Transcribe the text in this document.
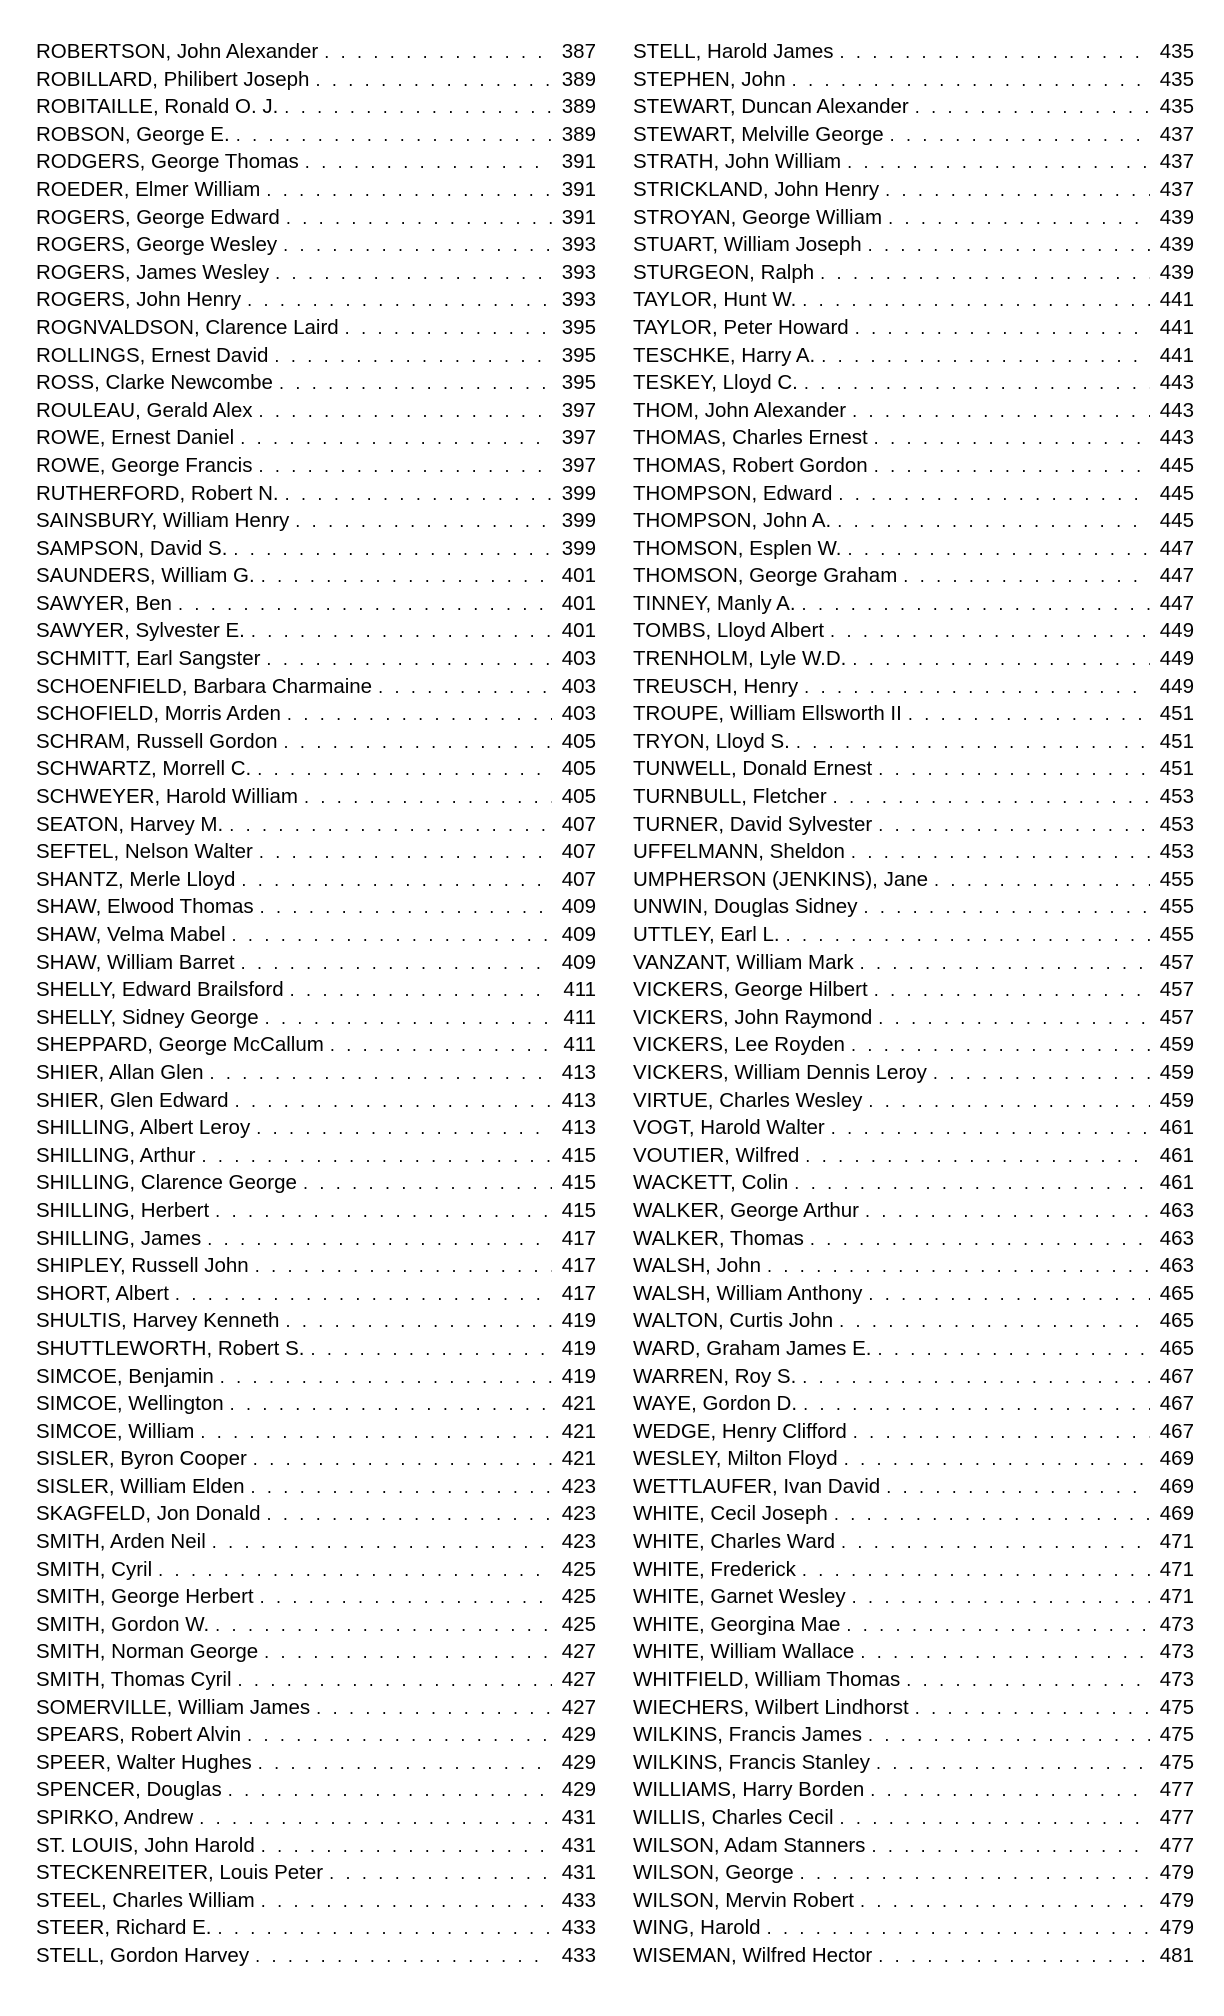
ROBERTSON, John Alexander . . .	387
ROBILLARD, Philibert Joseph . . .	389
ROBITAILLE, Ronald O. J. . . .	389
ROBSON, George E. . . .	389
RODGERS, George Thomas . . .	391
ROEDER, Elmer William . . .	391
ROGERS, George Edward . . .	391
ROGERS, George Wesley . . .	393
ROGERS, James Wesley . . .	393
ROGERS, John Henry . . .	393
ROGNVALDSON, Clarence Laird . . .	395
ROLLINGS, Ernest David . . .	395
ROSS, Clarke Newcombe . . .	395
ROULEAU, Gerald Alex . . .	397
ROWE, Ernest Daniel . . .	397
ROWE, George Francis . . .	397
RUTHERFORD, Robert N. . . .	399
SAINSBURY, William Henry . . .	399
SAMPSON, David S. . . .	399
SAUNDERS, William G. . . .	401
SAWYER, Ben . . .	401
SAWYER, Sylvester E. . . .	401
SCHMITT, Earl Sangster . . .	403
SCHOENFIELD, Barbara Charmaine . . .	403
SCHOFIELD, Morris Arden . . .	403
SCHRAM, Russell Gordon . . .	405
SCHWARTZ, Morrell C. . . .	405
SCHWEYER, Harold William . . .	405
SEATON, Harvey M. . . .	407
SEFTEL, Nelson Walter . . .	407
SHANTZ, Merle Lloyd . . .	407
SHAW, Elwood Thomas . . .	409
SHAW, Velma Mabel . . .	409
SHAW, William Barret . . .	409
SHELLY, Edward Brailsford . . .	411
SHELLY, Sidney George . . .	411
SHEPPARD, George McCallum . . .	411
SHIER, Allan Glen . . .	413
SHIER, Glen Edward . . .	413
SHILLING, Albert Leroy . . .	413
SHILLING, Arthur . . .	415
SHILLING, Clarence George . . .	415
SHILLING, Herbert . . .	415
SHILLING, James . . .	417
SHIPLEY, Russell John . . .	417
SHORT, Albert . . .	417
SHULTIS, Harvey Kenneth . . .	419
SHUTTLEWORTH, Robert S. . . .	419
SIMCOE, Benjamin . . .	419
SIMCOE, Wellington . . .	421
SIMCOE, William . . .	421
SISLER, Byron Cooper . . .	421
SISLER, William Elden . . .	423
SKAGFELD, Jon Donald . . .	423
SMITH, Arden Neil . . .	423
SMITH, Cyril . . .	425
SMITH, George Herbert . . .	425
SMITH, Gordon W. . . .	425
SMITH, Norman George . . .	427
SMITH, Thomas Cyril . . .	427
SOMERVILLE, William James . . .	427
SPEARS, Robert Alvin . . .	429
SPEER, Walter Hughes . . .	429
SPENCER, Douglas . . .	429
SPIRKO, Andrew . . .	431
ST. LOUIS, John Harold . . .	431
STECKENREITER, Louis Peter . . .	431
STEEL, Charles William . . .	433
STEER, Richard E. . . .	433
STELL, Gordon Harvey . . .	433
STELL, Harold James . . .	435
STEPHEN, John . . .	435
STEWART, Duncan Alexander . . .	435
STEWART, Melville George . . .	437
STRATH, John William . . .	437
STRICKLAND, John Henry . . .	437
STROYAN, George William . . .	439
STUART, William Joseph . . .	439
STURGEON, Ralph . . .	439
TAYLOR, Hunt W. . . .	441
TAYLOR, Peter Howard . . .	441
TESCHKE, Harry A. . . .	441
TESKEY, Lloyd C. . . .	443
THOM, John Alexander . . .	443
THOMAS, Charles Ernest . . .	443
THOMAS, Robert Gordon . . .	445
THOMPSON, Edward . . .	445
THOMPSON, John A. . . .	445
THOMSON, Esplen W. . . .	447
THOMSON, George Graham . . .	447
TINNEY, Manly A. . . .	447
TOMBS, Lloyd Albert . . .	449
TRENHOLM, Lyle W.D. . . .	449
TREUSCH, Henry . . .	449
TROUPE, William Ellsworth II . . .	451
TRYON, Lloyd S. . . .	451
TUNWELL, Donald Ernest . . .	451
TURNBULL, Fletcher . . .	453
TURNER, David Sylvester . . .	453
UFFELMANN, Sheldon . . .	453
UMPHERSON (JENKINS), Jane . . .	455
UNWIN, Douglas Sidney . . .	455
UTTLEY, Earl L. . . .	455
VANZANT, William Mark . . .	457
VICKERS, George Hilbert . . .	457
VICKERS, John Raymond . . .	457
VICKERS, Lee Royden . . .	459
VICKERS, William Dennis Leroy . . .	459
VIRTUE, Charles Wesley . . .	459
VOGT, Harold Walter . . .	461
VOUTIER, Wilfred . . .	461
WACKETT, Colin . . .	461
WALKER, George Arthur . . .	463
WALKER, Thomas . . .	463
WALSH, John . . .	463
WALSH, William Anthony . . .	465
WALTON, Curtis John . . .	465
WARD, Graham James E. . . .	465
WARREN, Roy S. . . .	467
WAYE, Gordon D. . . .	467
WEDGE, Henry Clifford . . .	467
WESLEY, Milton Floyd . . .	469
WETTLAUFER, Ivan David . . .	469
WHITE, Cecil Joseph . . .	469
WHITE, Charles Ward . . .	471
WHITE, Frederick . . .	471
WHITE, Garnet Wesley . . .	471
WHITE, Georgina Mae . . .	473
WHITE, William Wallace . . .	473
WHITFIELD, William Thomas . . .	473
WIECHERS, Wilbert Lindhorst . . .	475
WILKINS, Francis James . . .	475
WILKINS, Francis Stanley . . .	475
WILLIAMS, Harry Borden . . .	477
WILLIS, Charles Cecil . . .	477
WILSON, Adam Stanners . . .	477
WILSON, George . . .	479
WILSON, Mervin Robert . . .	479
WING, Harold . . .	479
WISEMAN, Wilfred Hector . . .	481
